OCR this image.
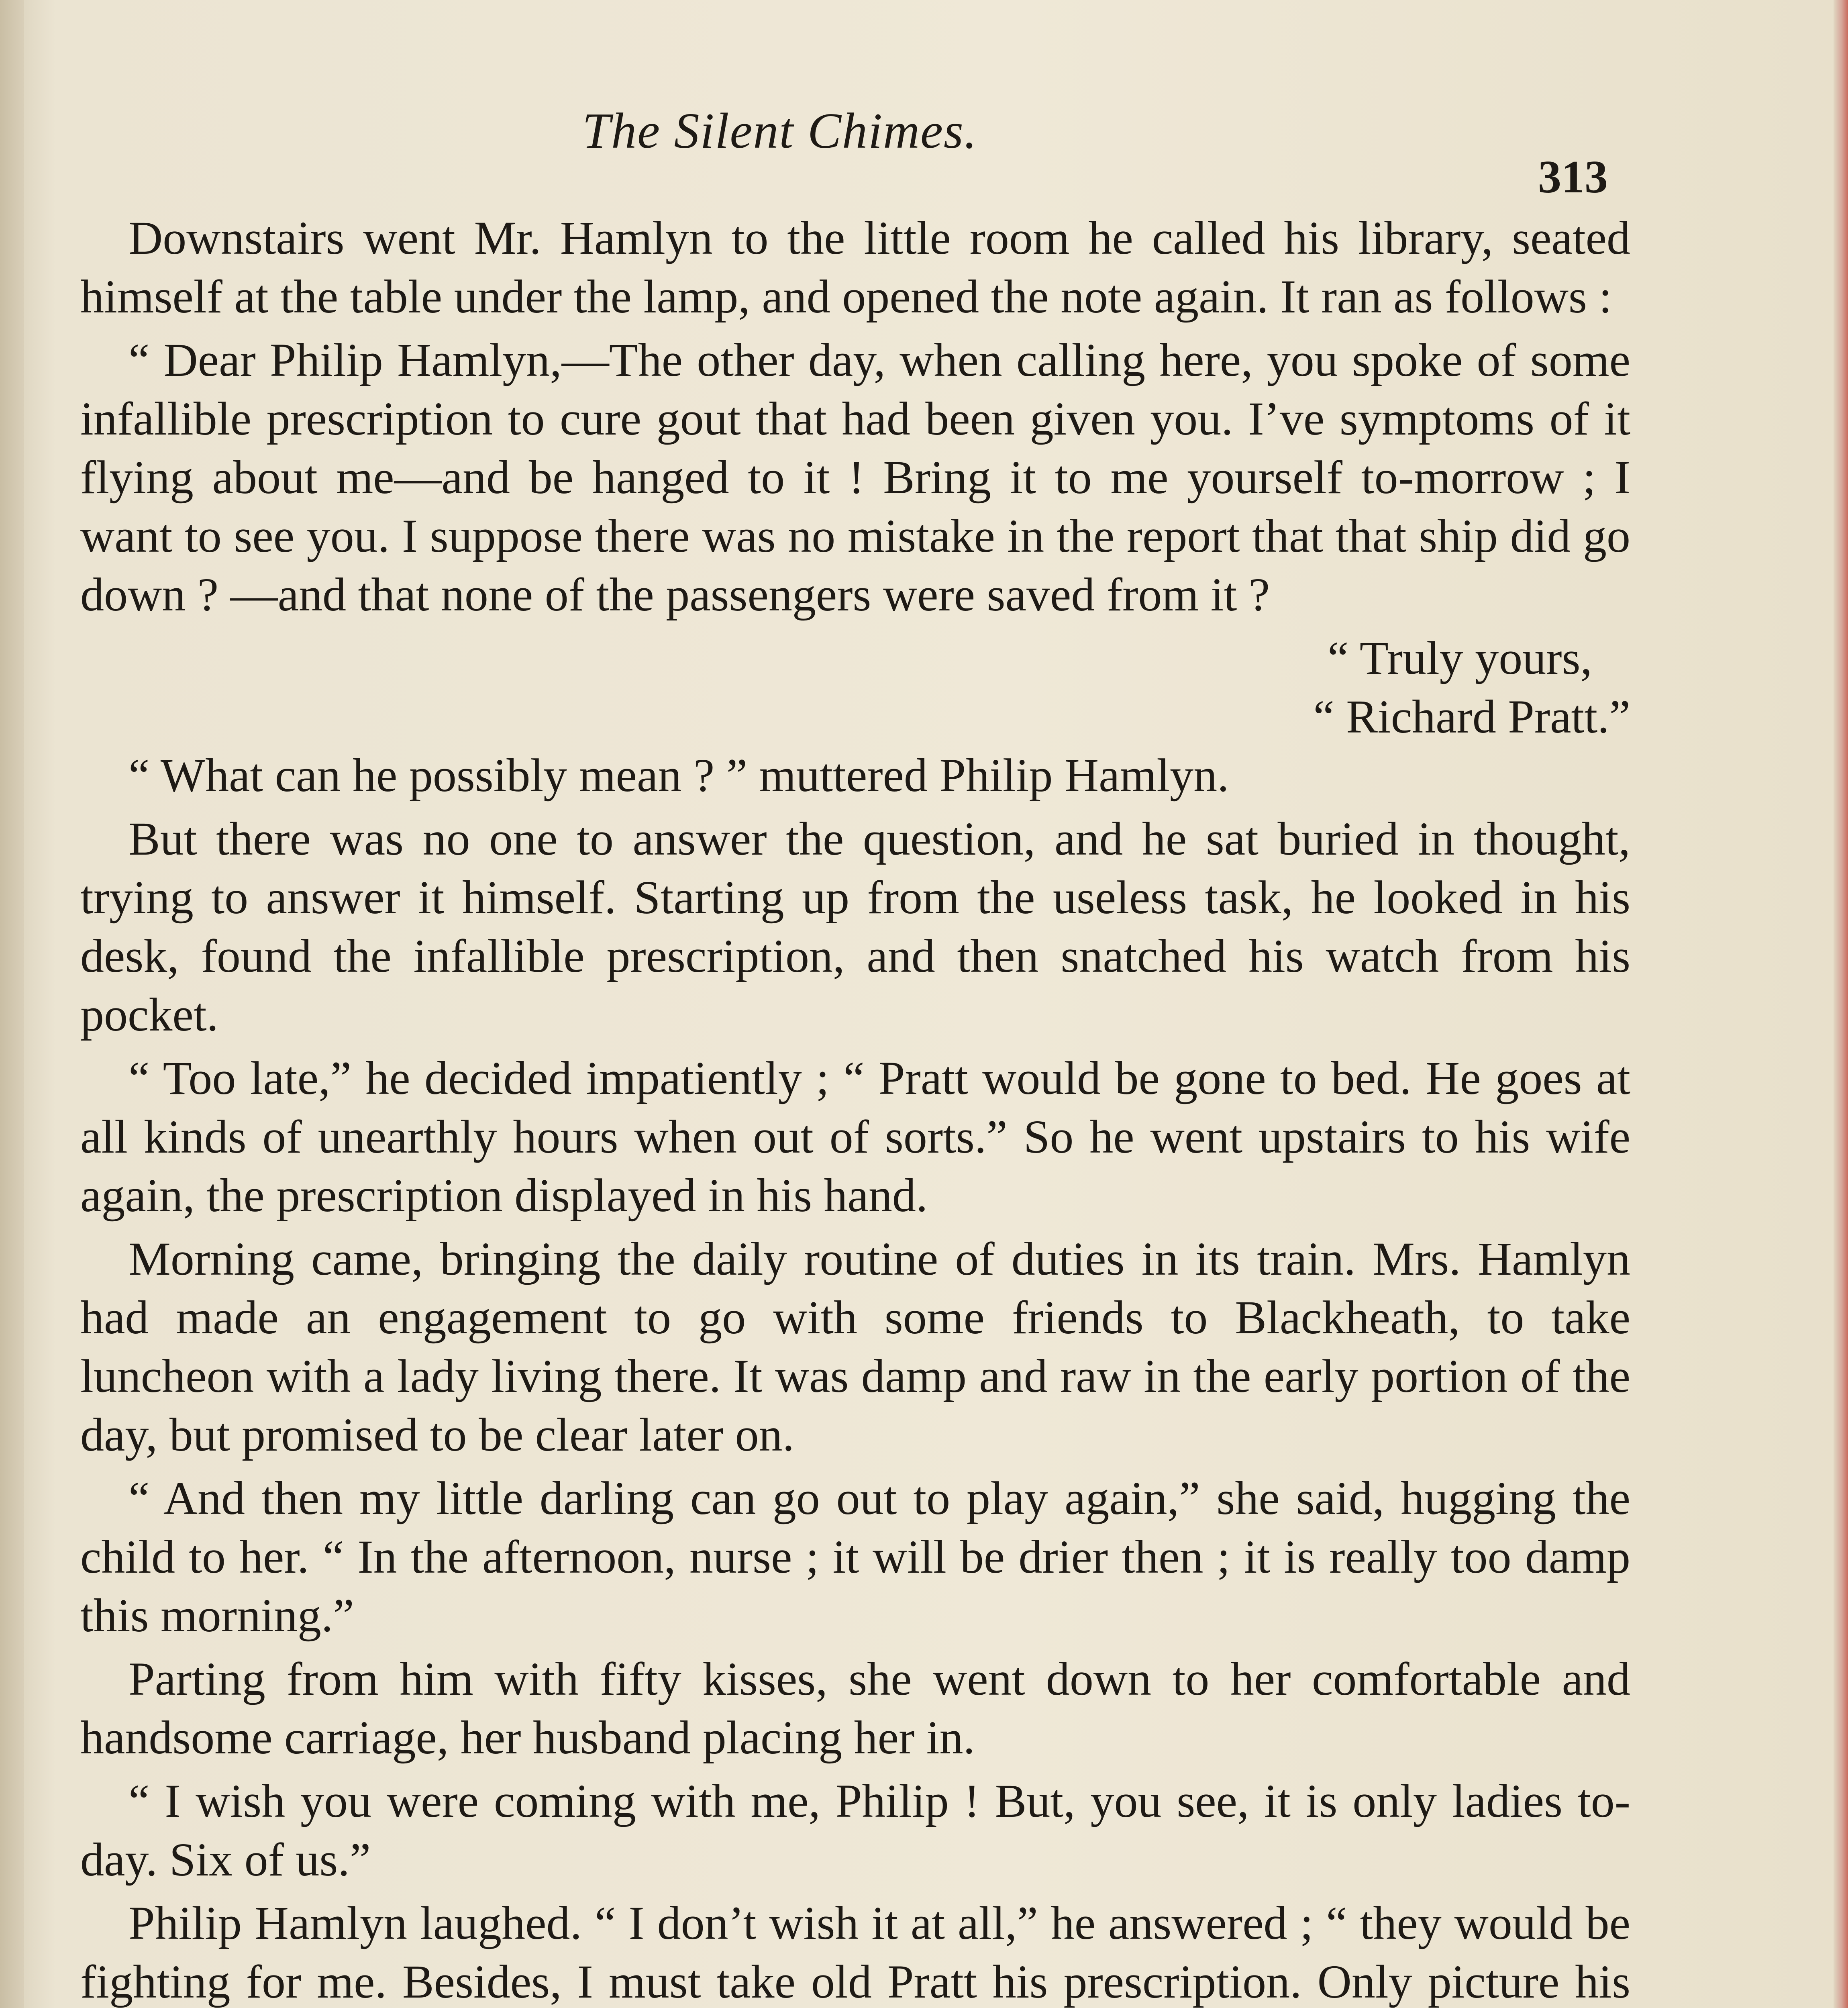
The Silent Chimes.
313

Downstairs went Mr. Hamlyn to the little room he called his library, seated himself at the table under the lamp, and opened the note again. It ran as follows :

“ Dear Philip Hamlyn,—The other day, when calling here, you spoke of some infallible prescription to cure gout that had been given you. I’ve symptoms of it flying about me—and be hanged to it ! Bring it to me yourself to-morrow ; I want to see you. I suppose there was no mistake in the report that that ship did go down ? —and that none of the passengers were saved from it ?

“ Truly yours,

“ Richard Pratt.”

“ What can he possibly mean ? ” muttered Philip Hamlyn.

But there was no one to answer the question, and he sat buried in thought, trying to answer it himself. Starting up from the useless task, he looked in his desk, found the infallible prescription, and then snatched his watch from his pocket.

“ Too late,” he decided impatiently ; “ Pratt would be gone to bed. He goes at all kinds of unearthly hours when out of sorts.” So he went upstairs to his wife again, the prescription displayed in his hand.

Morning came, bringing the daily routine of duties in its train. Mrs. Hamlyn had made an engagement to go with some friends to Blackheath, to take luncheon with a lady living there. It was damp and raw in the early portion of the day, but promised to be clear later on.

“ And then my little darling can go out to play again,” she said, hugging the child to her. “ In the afternoon, nurse ; it will be drier then ; it is really too damp this morning.”

Parting from him with fifty kisses, she went down to her comfortable and handsome carriage, her husband placing her in.

“ I wish you were coming with me, Philip ! But, you see, it is only ladies to-day. Six of us.”

Philip Hamlyn laughed. “ I don’t wish it at all,” he answered ; “ they would be fighting for me. Besides, I must take old Pratt his prescription. Only picture his
